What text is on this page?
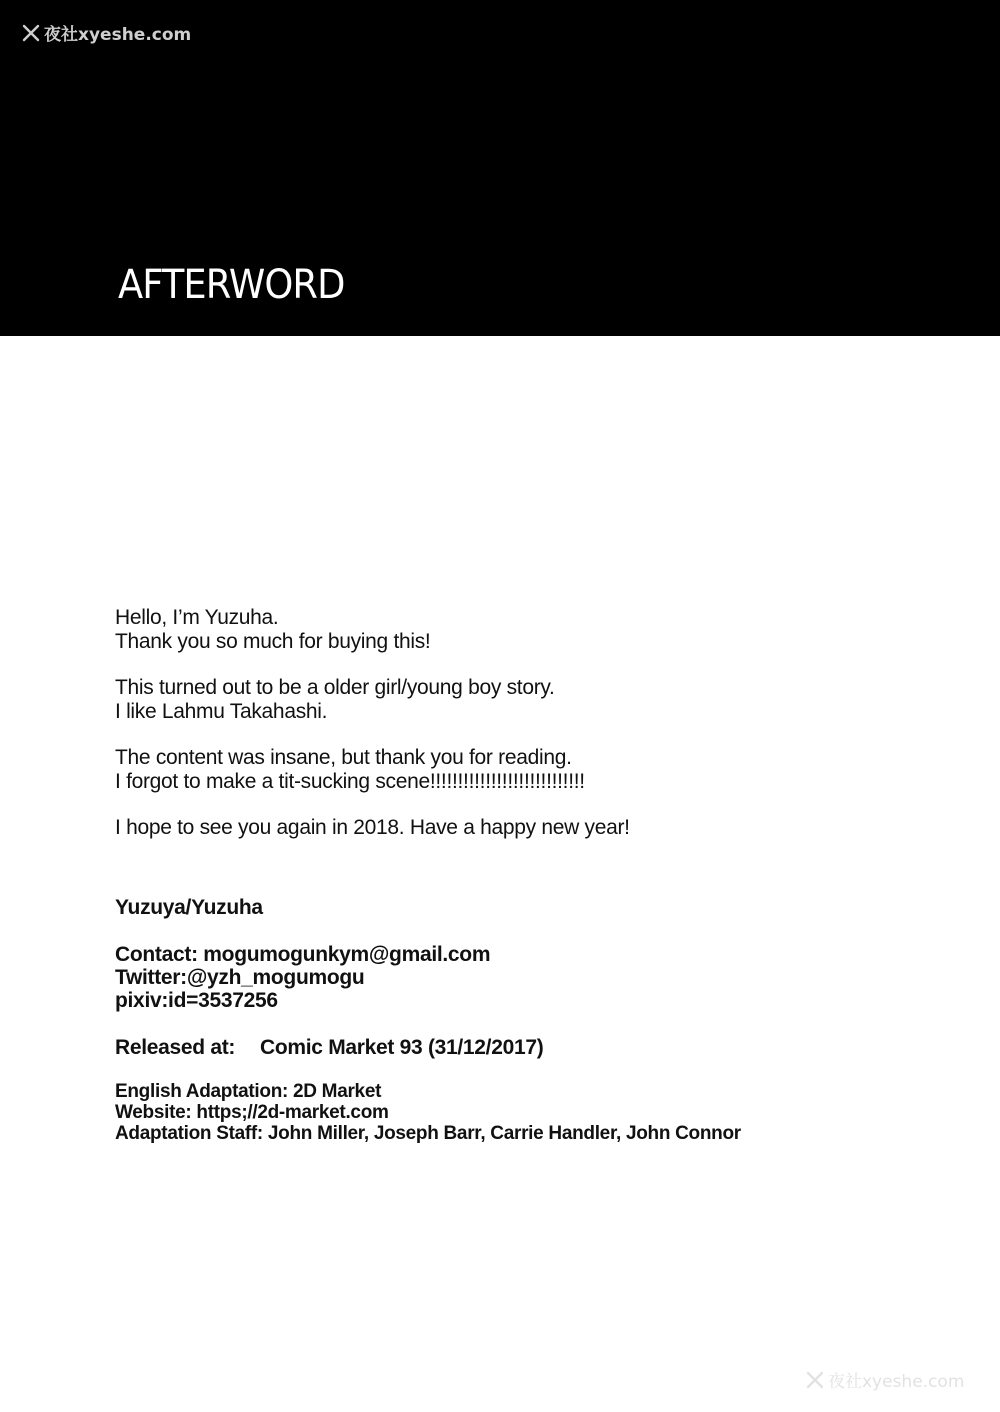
夜社xyeshe.com
AFTERWORD

Hello, I’m Yuzuha.
Thank you so much for buying this!

This turned out to be a older girl/young boy story.
I like Lahmu Takahashi.

The content was insane, but thank you for reading.
I forgot to make a tit-sucking scene!!!!!!!!!!!!!!!!!!!!!!!!!!!!

I hope to see you again in 2018. Have a happy new year!

Yuzuya/Yuzuha
Contact: mogumogunkym@gmail.com
Twitter:@yzh_mogumogu
pixiv:id=3537256
Released at: Comic Market 93 (31/12/2017)
English Adaptation: 2D Market
Website: https;//2d-market.com
Adaptation Staff: John Miller, Joseph Barr, Carrie Handler, John Connor
夜社xyeshe.com
